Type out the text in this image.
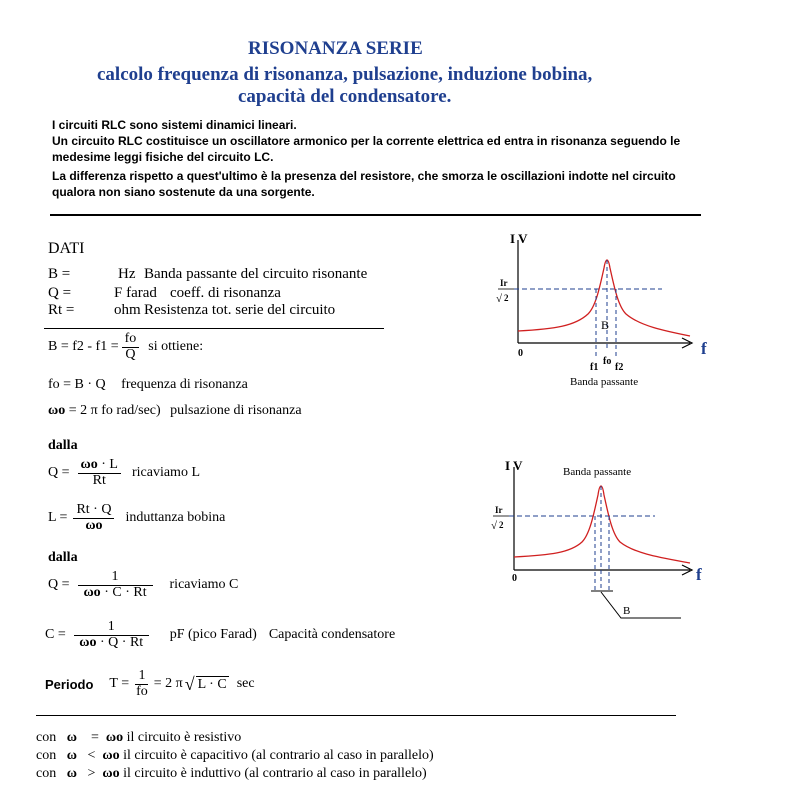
RISONANZA SERIE
calcolo frequenza di risonanza, pulsazione, induzione bobina,
capacità del condensatore.
I circuiti RLC sono sistemi dinamici lineari.
Un circuito RLC costituisce un oscillatore armonico per la corrente elettrica ed entra in risonanza seguendo le
medesime leggi fisiche del circuito LC.
La differenza rispetto a quest'ultimo è la presenza del resistore, che smorza le oscillazioni indotte nel circuito
qualora non siano sostenute da una sorgente.
DATI
B =	Hz Banda passante del circuito risonante
Q =	F farad coeff. di risonanza
Rt =	ohm Resistenza tot. serie del circuito
$B = f2 - f1 = \frac{fo}{Q}$ si ottiene:
fo = B · Q frequenza di risonanza
ωo = 2 π fo rad/sec) pulsazione di risonanza
dalla
$Q = \frac{\omega o \cdot L}{Rt}$ ricaviamo L
$L = \frac{Rt \cdot Q}{\omega o}$ induttanza bobina
dalla
$Q = \frac{1}{\omega o \cdot C \cdot Rt}$ ricaviamo C
$C = \frac{1}{\omega o \cdot Q \cdot Rt}$ pF (pico Farad) Capacità condensatore
Periodo $T = \frac{1}{fo} = 2$ π √ L · C sec
con ω = ωo il circuito è resistivo
con ω < ωo il circuito è capacitivo (al contrario al caso in parallelo)
con ω > ωo il circuito è induttivo (al contrario al caso in parallelo)
I V
f
0
Ir
√ 2
B
f1
fo
f2
Banda passante
I V	Banda passante
f
0
Ir
√ 2
B
